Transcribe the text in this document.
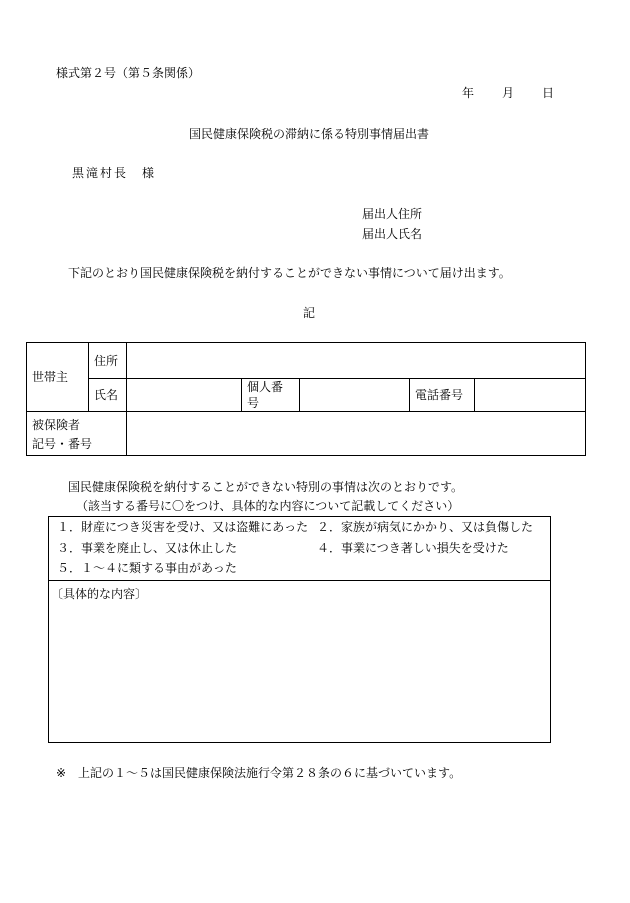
様式第２号（第５条関係）
年 月 日
国民健康保険税の滞納に係る特別事情届出書
黒滝村長　様
届出人住所
届出人氏名
下記のとおり国民健康保険税を納付することができない事情について届け出ます。
記
世帯主	住所					
	氏名		個人番号		電話番号	
被保険者
記号・番号						
国民健康保険税を納付することができない特別の事情は次のとおりです。
（該当する番号に〇をつけ、具体的な内容について記載してください）
１．財産につき災害を受け、又は盗難にあった ２．家族が病気にかかり、又は負傷した
３．事業を廃止し、又は休止した	４．事業につき著しい損失を受けた
５．１～４に類する事由があった
〔具体的な内容〕
※　上記の１～５は国民健康保険法施行令第２８条の６に基づいています。
